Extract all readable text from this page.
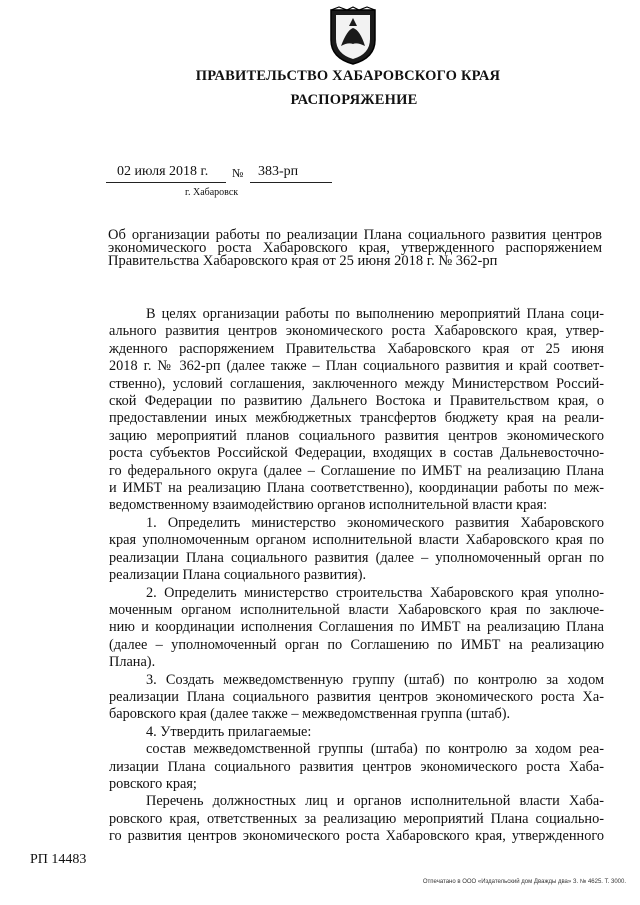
ПРАВИТЕЛЬСТВО ХАБАРОВСКОГО КРАЯ
РАСПОРЯЖЕНИЕ
02 июля 2018 г. № 383-рп
г. Хабаровск
Об организации работы по реализации Плана социального развития центров
экономического роста Хабаровского края, утвержденного распоряжением
Правительства Хабаровского края от 25 июня 2018 г. № 362-рп
В целях организации работы по выполнению мероприятий Плана соци-
ального развития центров экономического роста Хабаровского края, утвер-
жденного распоряжением Правительства Хабаровского края от 25 июня
2018 г. № 362-рп (далее также – План социального развития и край соответ-
ственно), условий соглашения, заключенного между Министерством Россий-
ской Федерации по развитию Дальнего Востока и Правительством края, о
предоставлении иных межбюджетных трансфертов бюджету края на реали-
зацию мероприятий планов социального развития центров экономического
роста субъектов Российской Федерации, входящих в состав Дальневосточно-
го федерального округа (далее – Соглашение по ИМБТ на реализацию Плана
и ИМБТ на реализацию Плана соответственно), координации работы по меж-
ведомственному взаимодействию органов исполнительной власти края:
1. Определить министерство экономического развития Хабаровского
края уполномоченным органом исполнительной власти Хабаровского края по
реализации Плана социального развития (далее – уполномоченный орган по
реализации Плана социального развития).
2. Определить министерство строительства Хабаровского края уполно-
моченным органом исполнительной власти Хабаровского края по заключе-
нию и координации исполнения Соглашения по ИМБТ на реализацию Плана
(далее – уполномоченный орган по Соглашению по ИМБТ на реализацию
Плана).
3. Создать межведомственную группу (штаб) по контролю за ходом
реализации Плана социального развития центров экономического роста Ха-
баровского края (далее также – межведомственная группа (штаб).
4. Утвердить прилагаемые:
состав межведомственной группы (штаба) по контролю за ходом реа-
лизации Плана социального развития центров экономического роста Хаба-
ровского края;
Перечень должностных лиц и органов исполнительной власти Хаба-
ровского края, ответственных за реализацию мероприятий Плана социально-
го развития центров экономического роста Хабаровского края, утвержденного
РП 14483
Отпечатано в ООО «Издательский дом Дважды два» З. № 4625. Т. 3000.
